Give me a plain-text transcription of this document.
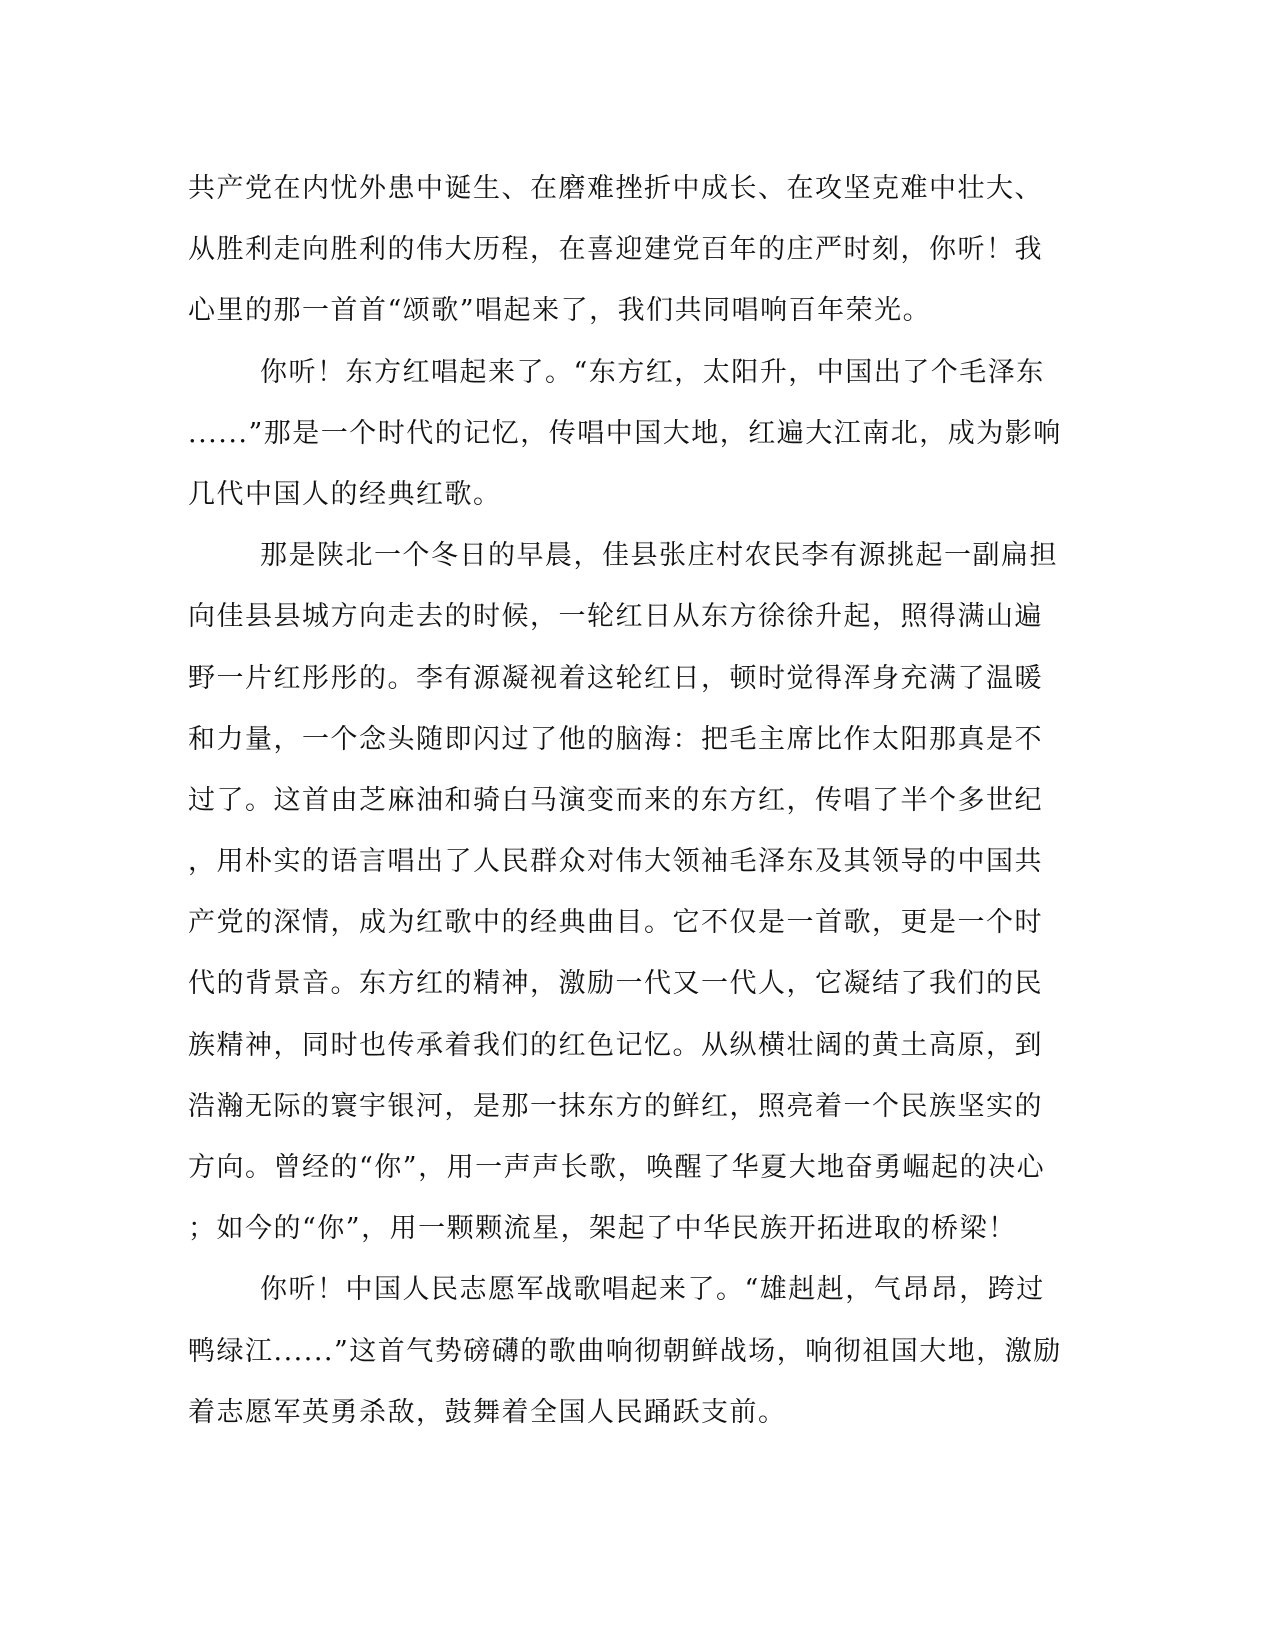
共产党在内忧外患中诞生、在磨难挫折中成长、在攻坚克难中壮大、
从胜利走向胜利的伟大历程，在喜迎建党百年的庄严时刻，你听！我
心里的那一首首“颂歌”唱起来了，我们共同唱响百年荣光。
你听！东方红唱起来了。“东方红，太阳升，中国出了个毛泽东
......”那是一个时代的记忆，传唱中国大地，红遍大江南北，成为影响
几代中国人的经典红歌。
那是陕北一个冬日的早晨，佳县张庄村农民李有源挑起一副扁担
向佳县县城方向走去的时候，一轮红日从东方徐徐升起，照得满山遍
野一片红彤彤的。李有源凝视着这轮红日，顿时觉得浑身充满了温暖
和力量，一个念头随即闪过了他的脑海：把毛主席比作太阳那真是不
过了。这首由芝麻油和骑白马演变而来的东方红，传唱了半个多世纪
，用朴实的语言唱出了人民群众对伟大领袖毛泽东及其领导的中国共
产党的深情，成为红歌中的经典曲目。它不仅是一首歌，更是一个时
代的背景音。东方红的精神，激励一代又一代人，它凝结了我们的民
族精神，同时也传承着我们的红色记忆。从纵横壮阔的黄土高原，到
浩瀚无际的寰宇银河，是那一抹东方的鲜红，照亮着一个民族坚实的
方向。曾经的“你”，用一声声长歌，唤醒了华夏大地奋勇崛起的决心
；如今的“你”，用一颗颗流星，架起了中华民族开拓进取的桥梁！
你听！中国人民志愿军战歌唱起来了。“雄赳赳，气昂昂，跨过
鸭绿江......”这首气势磅礴的歌曲响彻朝鲜战场，响彻祖国大地，激励
着志愿军英勇杀敌，鼓舞着全国人民踊跃支前。
